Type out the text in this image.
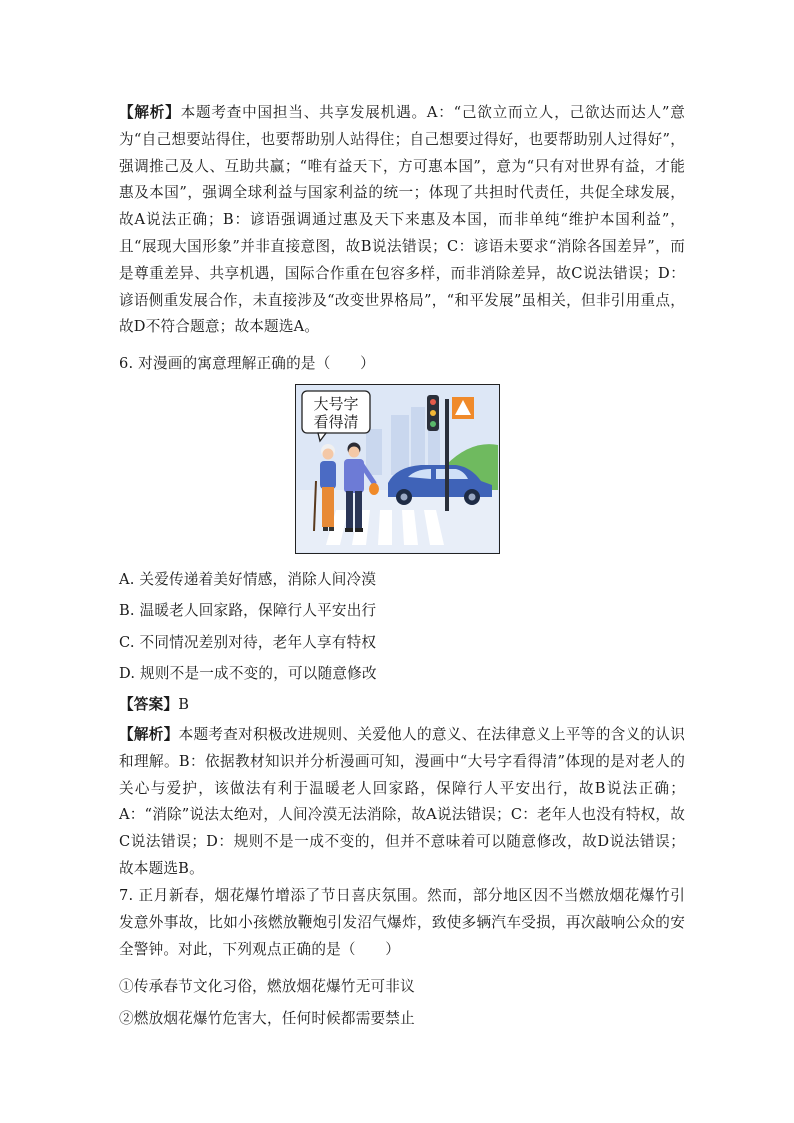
【解析】本题考查中国担当、共享发展机遇。A：“己欲立而立人，己欲达而达人”意为“自己想要站得住，也要帮助别人站得住；自己想要过得好，也要帮助别人过得好”，强调推己及人、互助共赢；“唯有益天下，方可惠本国”，意为“只有对世界有益，才能惠及本国”，强调全球利益与国家利益的统一；体现了共担时代责任，共促全球发展，故A说法正确；B：谚语强调通过惠及天下来惠及本国，而非单纯“维护本国利益”，且“展现大国形象”并非直接意图，故B说法错误；C：谚语未要求“消除各国差异”，而是尊重差异、共享机遇，国际合作重在包容多样，而非消除差异，故C说法错误；D：谚语侧重发展合作，未直接涉及“改变世界格局”，“和平发展”虽相关，但非引用重点，故D不符合题意；故本题选A。
6. 对漫画的寓意理解正确的是（　　）
大号字
看得清
A. 关爱传递着美好情感，消除人间冷漠
B. 温暖老人回家路，保障行人平安出行
C. 不同情况差别对待，老年人享有特权
D. 规则不是一成不变的，可以随意修改
【答案】B
【解析】本题考查对积极改进规则、关爱他人的意义、在法律意义上平等的含义的认识和理解。B：依据教材知识并分析漫画可知，漫画中“大号字看得清”体现的是对老人的关心与爱护，该做法有利于温暖老人回家路，保障行人平安出行，故B说法正确；A：“消除”说法太绝对，人间冷漠无法消除，故A说法错误；C：老年人也没有特权，故C说法错误；D：规则不是一成不变的，但并不意味着可以随意修改，故D说法错误；故本题选B。
7. 正月新春，烟花爆竹增添了节日喜庆氛围。然而，部分地区因不当燃放烟花爆竹引发意外事故，比如小孩燃放鞭炮引发沼气爆炸，致使多辆汽车受损，再次敲响公众的安全警钟。对此，下列观点正确的是（　　）
①传承春节文化习俗，燃放烟花爆竹无可非议
②燃放烟花爆竹危害大，任何时候都需要禁止
